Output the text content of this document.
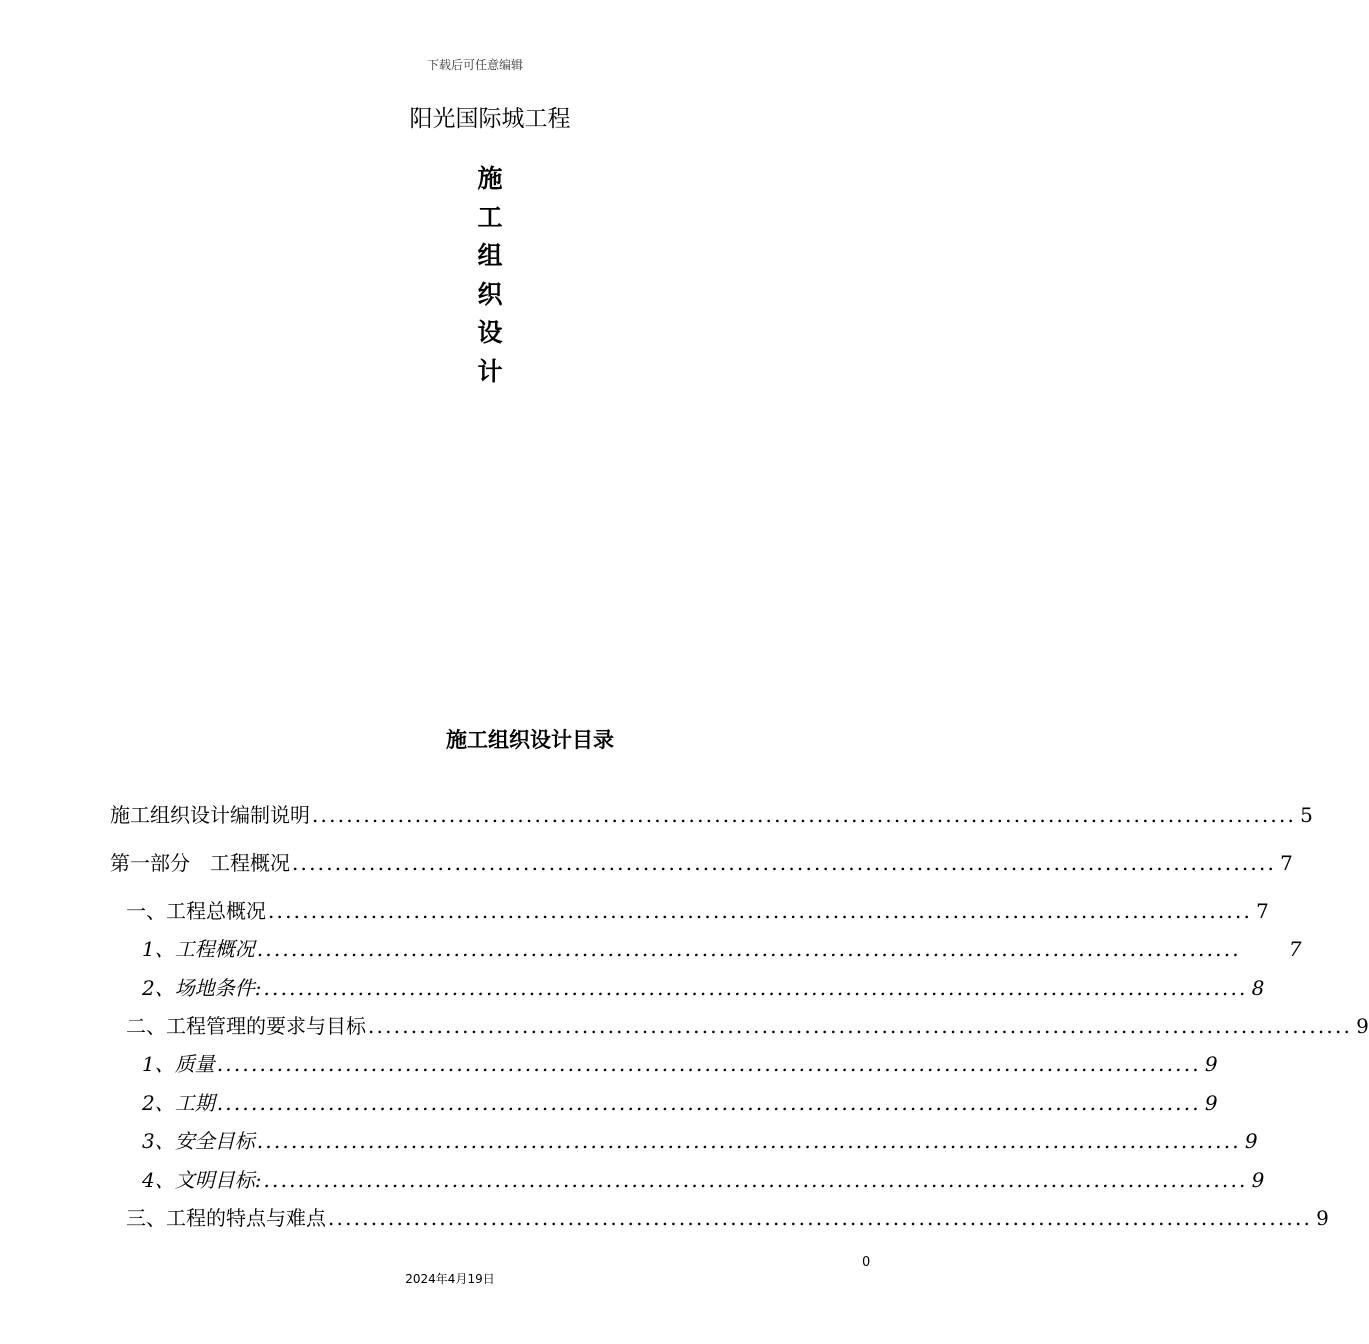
下载后可任意编辑
阳光国际城工程
施
工
组
织
设
计
施工组织设计目录
施工组织设计编制说明 ................................................................................................................... 5
第一部分　工程概况 ................................................................................................................... 7
一、工程总概况 ................................................................................................................... 7
1、工程概况 ................................................................................................................... 7
2、场地条件: ................................................................................................................... 8
二、工程管理的要求与目标 ................................................................................................................... 9
1、质量 ................................................................................................................... 9
2、工期 ................................................................................................................... 9
3、安全目标 ................................................................................................................... 9
4、文明目标: ................................................................................................................... 9
三、工程的特点与难点 ................................................................................................................... 9
0
2024年4月19日
